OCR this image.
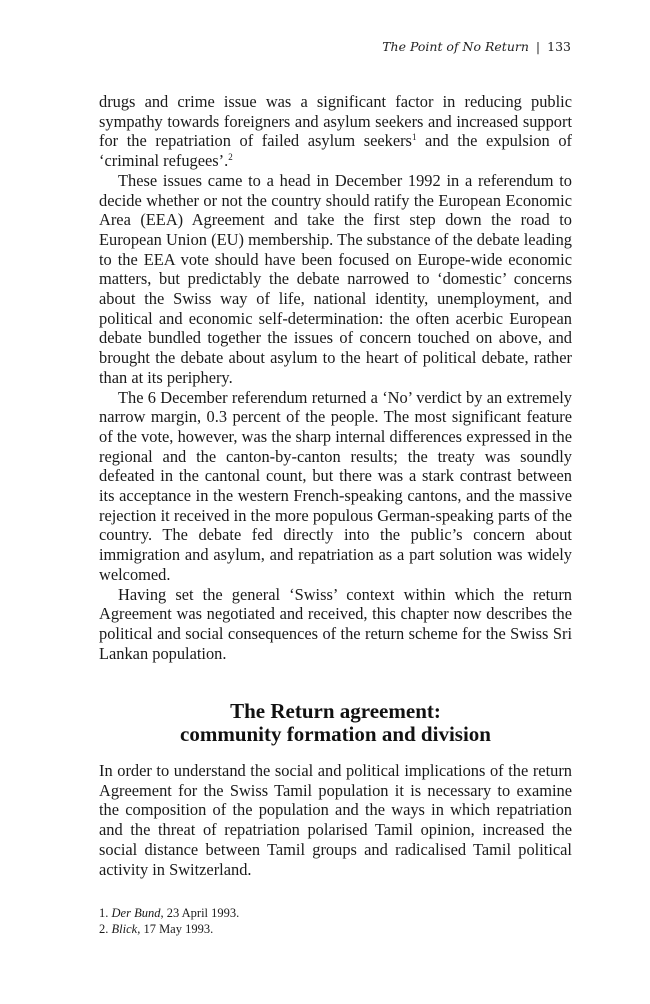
The Point of No Return | 133

drugs and crime issue was a significant factor in reducing public sympathy towards foreigners and asylum seekers and increased support for the repatriation of failed asylum seekers$^1$ and the expulsion of ‘criminal refugees’.$^2$

These issues came to a head in December 1992 in a referendum to decide whether or not the country should ratify the European Economic Area (EEA) Agreement and take the first step down the road to European Union (EU) membership. The substance of the debate leading to the EEA vote should have been focused on Europe-wide economic matters, but predictably the debate narrowed to ‘domestic’ concerns about the Swiss way of life, national identity, unemployment, and political and economic self-determination: the often acerbic European debate bundled together the issues of concern touched on above, and brought the debate about asylum to the heart of political debate, rather than at its periphery.

The 6 December referendum returned a ‘No’ verdict by an extremely narrow margin, 0.3 percent of the people. The most significant feature of the vote, however, was the sharp internal differences expressed in the regional and the canton-by-canton results; the treaty was soundly defeated in the cantonal count, but there was a stark contrast between its acceptance in the western French-speaking cantons, and the massive rejection it received in the more populous German-speaking parts of the country. The debate fed directly into the public’s concern about immigration and asylum, and repatriation as a part solution was widely welcomed.

Having set the general ‘Swiss’ context within which the return Agreement was negotiated and received, this chapter now describes the political and social consequences of the return scheme for the Swiss Sri Lankan population.

The Return agreement:
community formation and division

In order to understand the social and political implications of the return Agreement for the Swiss Tamil population it is necessary to examine the composition of the population and the ways in which repatriation and the threat of repatriation polarised Tamil opinion, increased the social distance between Tamil groups and radicalised Tamil political activity in Switzerland.

1. Der Bund, 23 April 1993.
2. Blick, 17 May 1993.
